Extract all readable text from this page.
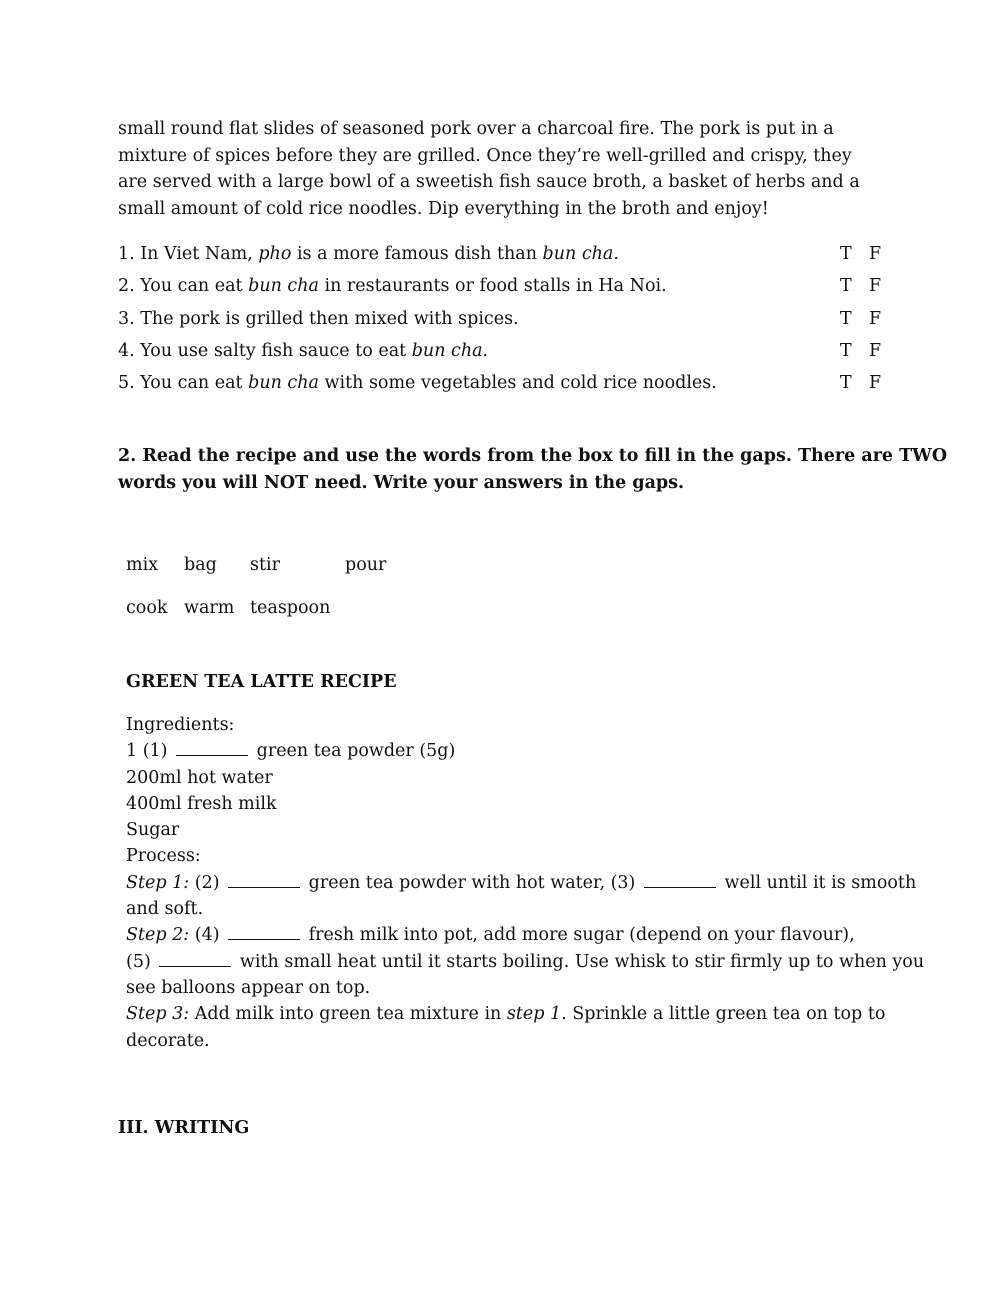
small round flat slides of seasoned pork over a charcoal fire. The pork is put in a
mixture of spices before they are grilled. Once they’re well-grilled and crispy, they
are served with a large bowl of a sweetish fish sauce broth, a basket of herbs and a
small amount of cold rice noodles. Dip everything in the broth and enjoy!
1. In Viet Nam, pho is a more famous dish than bun cha.	T F
2. You can eat bun cha in restaurants or food stalls in Ha Noi.	T F
3. The pork is grilled then mixed with spices.	T F
4. You use salty fish sauce to eat bun cha.	T F
5. You can eat bun cha with some vegetables and cold rice noodles.	T F
2. Read the recipe and use the words from the box to fill in the gaps. There are TWO
words you will NOT need. Write your answers in the gaps.
mix bag stir	pour
cook warm teaspoon
GREEN TEA LATTE RECIPE
Ingredients:
1 (1)	green tea powder (5g)
200ml hot water
400ml fresh milk
Sugar
Process:
Step 1: (2)	green tea powder with hot water, (3)	well until it is smooth
and soft.
Step 2: (4)	fresh milk into pot, add more sugar (depend on your flavour),
(5)	with small heat until it starts boiling. Use whisk to stir firmly up to when you
see balloons appear on top.
Step 3: Add milk into green tea mixture in step 1. Sprinkle a little green tea on top to
decorate.
III. WRITING
